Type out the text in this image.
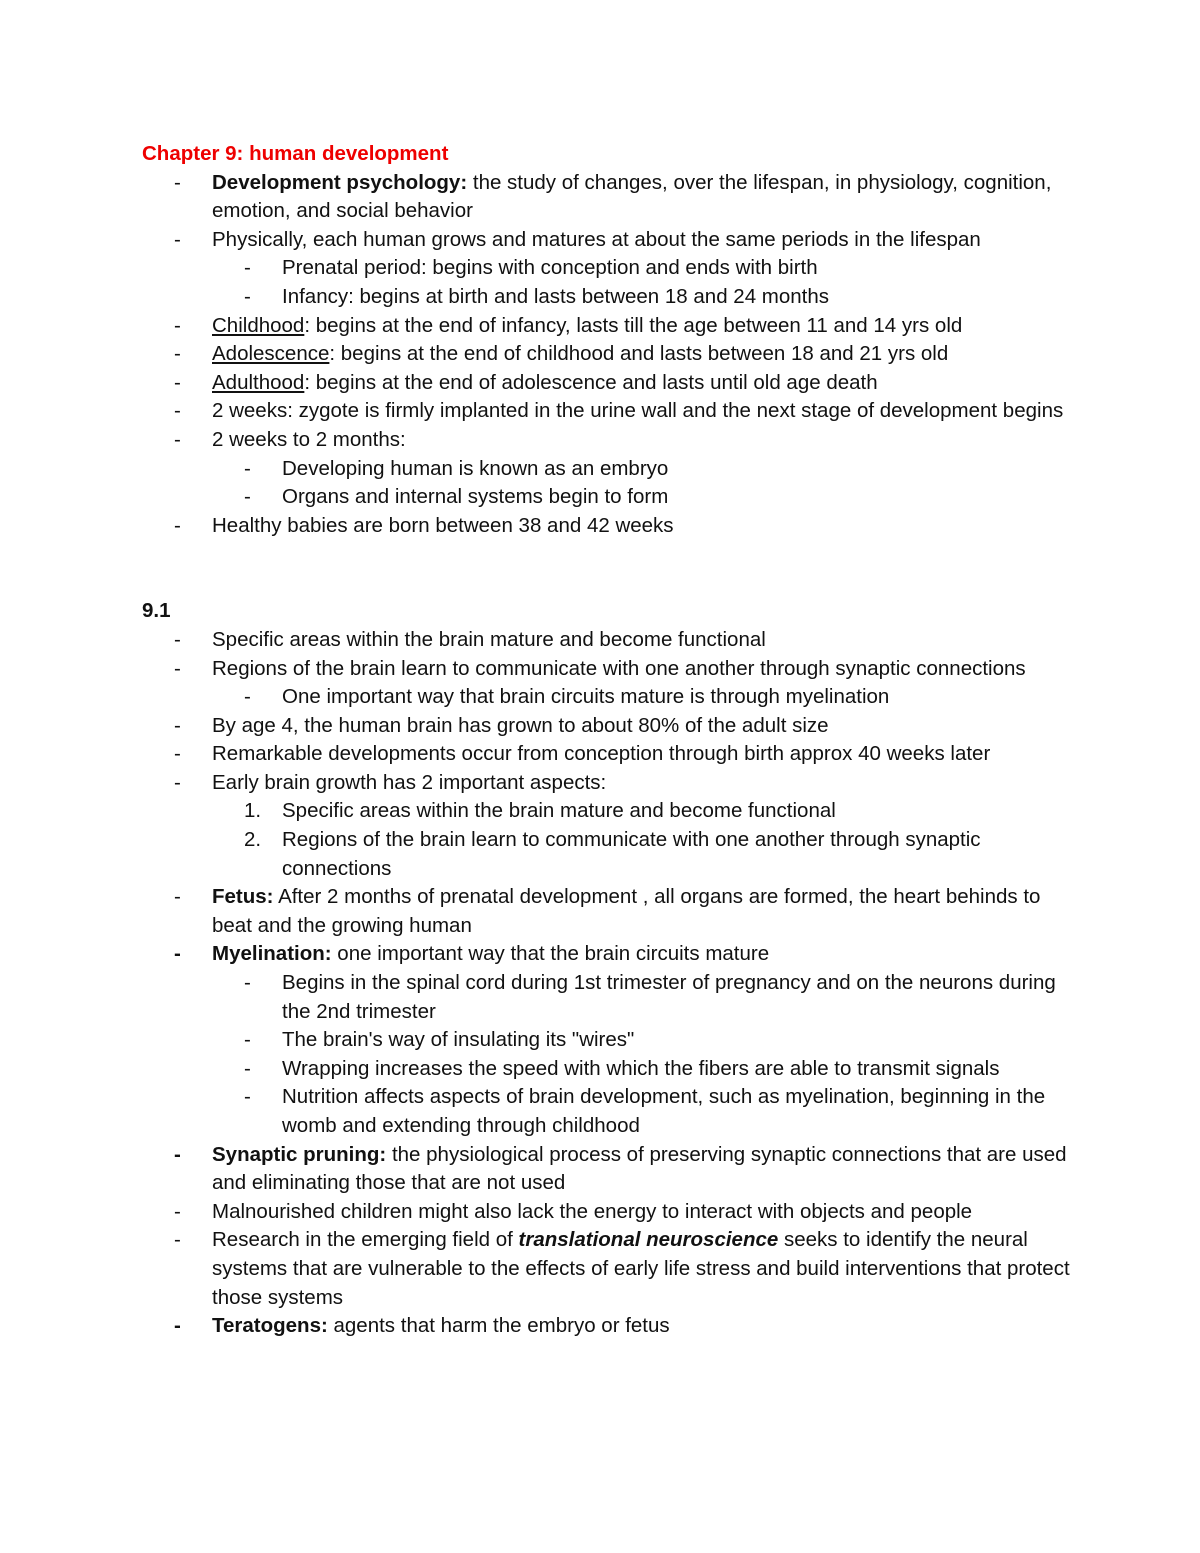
Chapter 9: human development

-	Development psychology: the study of changes, over the lifespan, in physiology, cognition, emotion, and social behavior
-	Physically, each human grows and matures at about the same periods in the lifespan
-	Prenatal period: begins with conception and ends with birth
-	Infancy: begins at birth and lasts between 18 and 24 months
-	Childhood: begins at the end of infancy, lasts till the age between 11 and 14 yrs old
-	Adolescence: begins at the end of childhood and lasts between 18 and 21 yrs old
-	Adulthood: begins at the end of adolescence and lasts until old age death
-	2 weeks: zygote is firmly implanted in the urine wall and the next stage of development begins
-	2 weeks to 2 months:
-	Developing human is known as an embryo
-	Organs and internal systems begin to form
-	Healthy babies are born between 38 and 42 weeks

9.1

-	Specific areas within the brain mature and become functional
-	Regions of the brain learn to communicate with one another through synaptic connections
-	One important way that brain circuits mature is through myelination
-	By age 4, the human brain has grown to about 80% of the adult size
-	Remarkable developments occur from conception through birth approx 40 weeks later
-	Early brain growth has 2 important aspects:
1.	Specific areas within the brain mature and become functional
2.	Regions of the brain learn to communicate with one another through synaptic connections
-	Fetus: After 2 months of prenatal development , all organs are formed, the heart behinds to beat and the growing human
-	Myelination: one important way that the brain circuits mature
-	Begins in the spinal cord during 1st trimester of pregnancy and on the neurons during the 2nd trimester
-	The brain's way of insulating its "wires"
-	Wrapping increases the speed with which the fibers are able to transmit signals
-	Nutrition affects aspects of brain development, such as myelination, beginning in the womb and extending through childhood
-	Synaptic pruning: the physiological process of preserving synaptic connections that are used and eliminating those that are not used
-	Malnourished children might also lack the energy to interact with objects and people
-	Research in the emerging field of translational neuroscience seeks to identify the neural systems that are vulnerable to the effects of early life stress and build interventions that protect those systems
-	Teratogens: agents that harm the embryo or fetus
